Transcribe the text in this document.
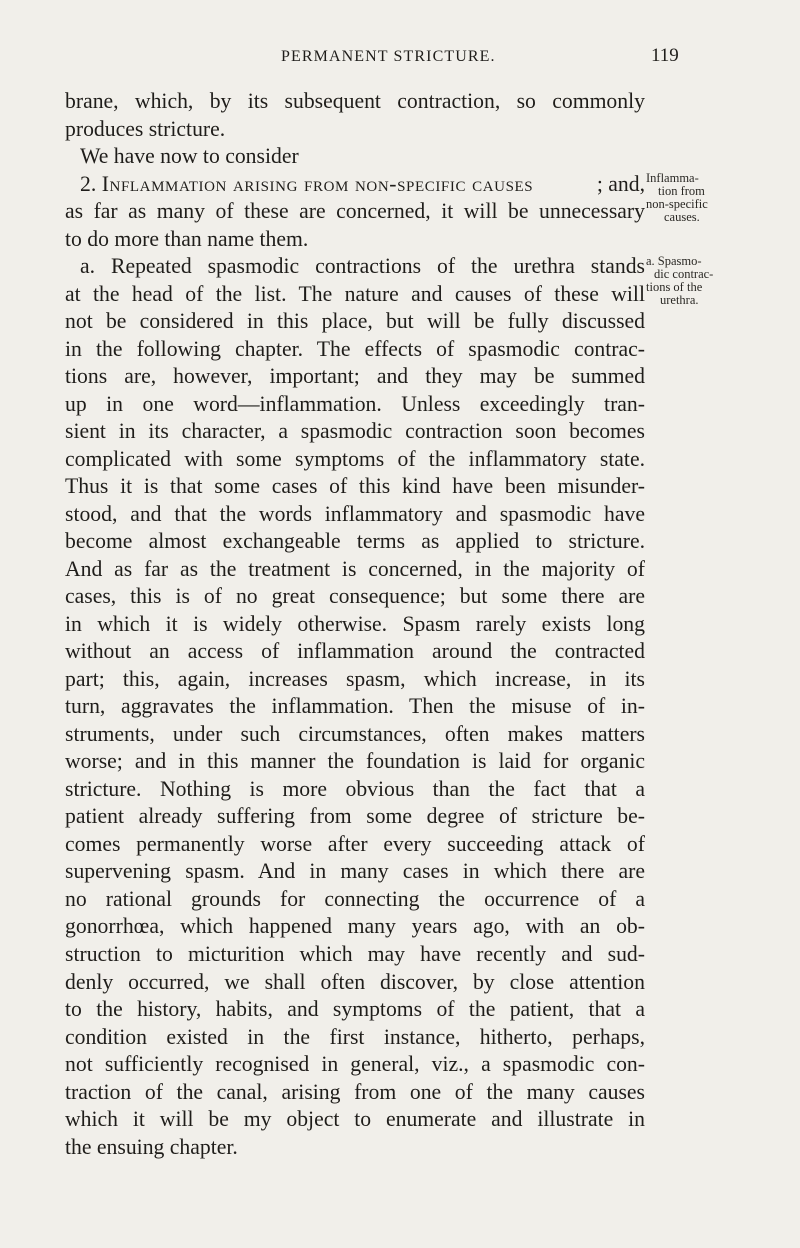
PERMANENT STRICTURE.	119
brane, which, by its subsequent contraction, so commonly
produces stricture.
We have now to consider
2. Inflammation arising from non-specific causes	; and,
as far as many of these are concerned, it will be unnecessary
to do more than name them.
a. Repeated spasmodic contractions of the urethra stands
at the head of the list. The nature and causes of these will
not be considered in this place, but will be fully discussed
in the following chapter. The effects of spasmodic contrac-
tions are, however, important; and they may be summed
up in one word—inflammation. Unless exceedingly tran-
sient in its character, a spasmodic contraction soon becomes
complicated with some symptoms of the inflammatory state.
Thus it is that some cases of this kind have been misunder-
stood, and that the words inflammatory and spasmodic have
become almost exchangeable terms as applied to stricture.
And as far as the treatment is concerned, in the majority of
cases, this is of no great consequence; but some there are
in which it is widely otherwise. Spasm rarely exists long
without an access of inflammation around the contracted
part; this, again, increases spasm, which increase, in its
turn, aggravates the inflammation. Then the misuse of in-
struments, under such circumstances, often makes matters
worse; and in this manner the foundation is laid for organic
stricture. Nothing is more obvious than the fact that a
patient already suffering from some degree of stricture be-
comes permanently worse after every succeeding attack of
supervening spasm. And in many cases in which there are
no rational grounds for connecting the occurrence of a
gonorrhœa, which happened many years ago, with an ob-
struction to micturition which may have recently and sud-
denly occurred, we shall often discover, by close attention
to the history, habits, and symptoms of the patient, that a
condition existed in the first instance, hitherto, perhaps,
not sufficiently recognised in general, viz., a spasmodic con-
traction of the canal, arising from one of the many causes
which it will be my object to enumerate and illustrate in
the ensuing chapter.
Inflamma-
tion from
non-specific
causes.
a. Spasmo-
dic contrac-
tions of the
urethra.
